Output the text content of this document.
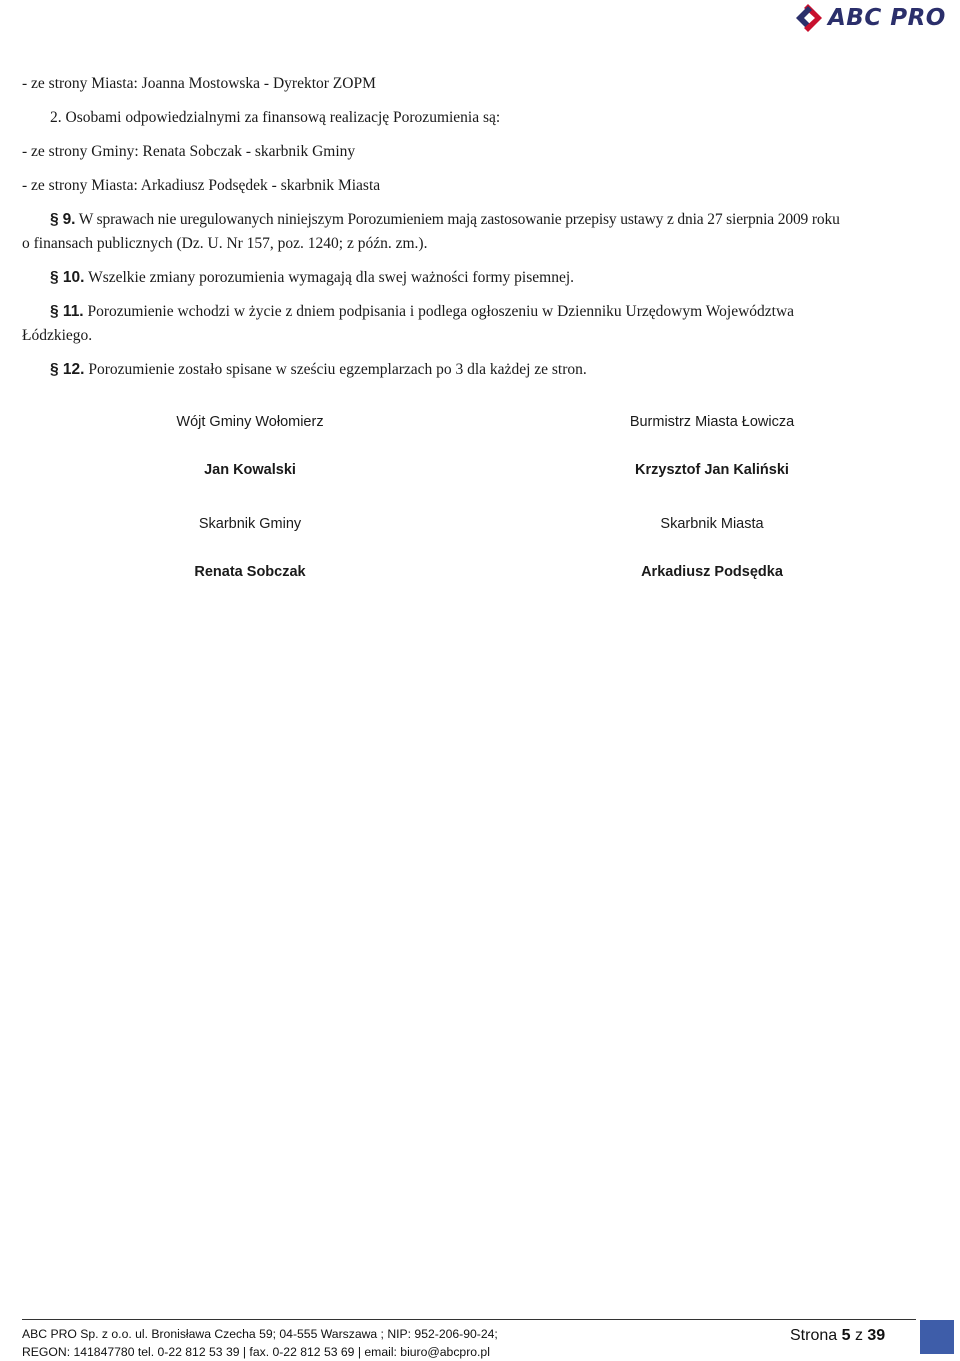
ABC PRO
- ze strony Miasta: Joanna Mostowska - Dyrektor ZOPM
2. Osobami odpowiedzialnymi za finansową realizację Porozumienia są:
- ze strony Gminy: Renata Sobczak - skarbnik Gminy
- ze strony Miasta: Arkadiusz Podsędek - skarbnik Miasta
§ 9. W sprawach nie uregulowanych niniejszym Porozumieniem mają zastosowanie przepisy ustawy z dnia 27 sierpnia 2009 roku
o finansach publicznych (Dz. U. Nr 157, poz. 1240; z późn. zm.).
§ 10. Wszelkie zmiany porozumienia wymagają dla swej ważności formy pisemnej.
§ 11. Porozumienie wchodzi w życie z dniem podpisania i podlega ogłoszeniu w Dzienniku Urzędowym Województwa
Łódzkiego.
§ 12. Porozumienie zostało spisane w sześciu egzemplarzach po 3 dla każdej ze stron.
Wójt Gminy Wołomierz
Jan Kowalski
Skarbnik Gminy
Renata Sobczak
Burmistrz Miasta Łowicza
Krzysztof Jan Kaliński
Skarbnik Miasta
Arkadiusz Podsędka
ABC PRO Sp. z o.o. ul. Bronisława Czecha 59; 04-555 Warszawa ; NIP: 952-206-90-24;
REGON: 141847780 tel. 0-22 812 53 39 | fax. 0-22 812 53 69 | email: biuro@abcpro.pl
Strona 5 z 39
